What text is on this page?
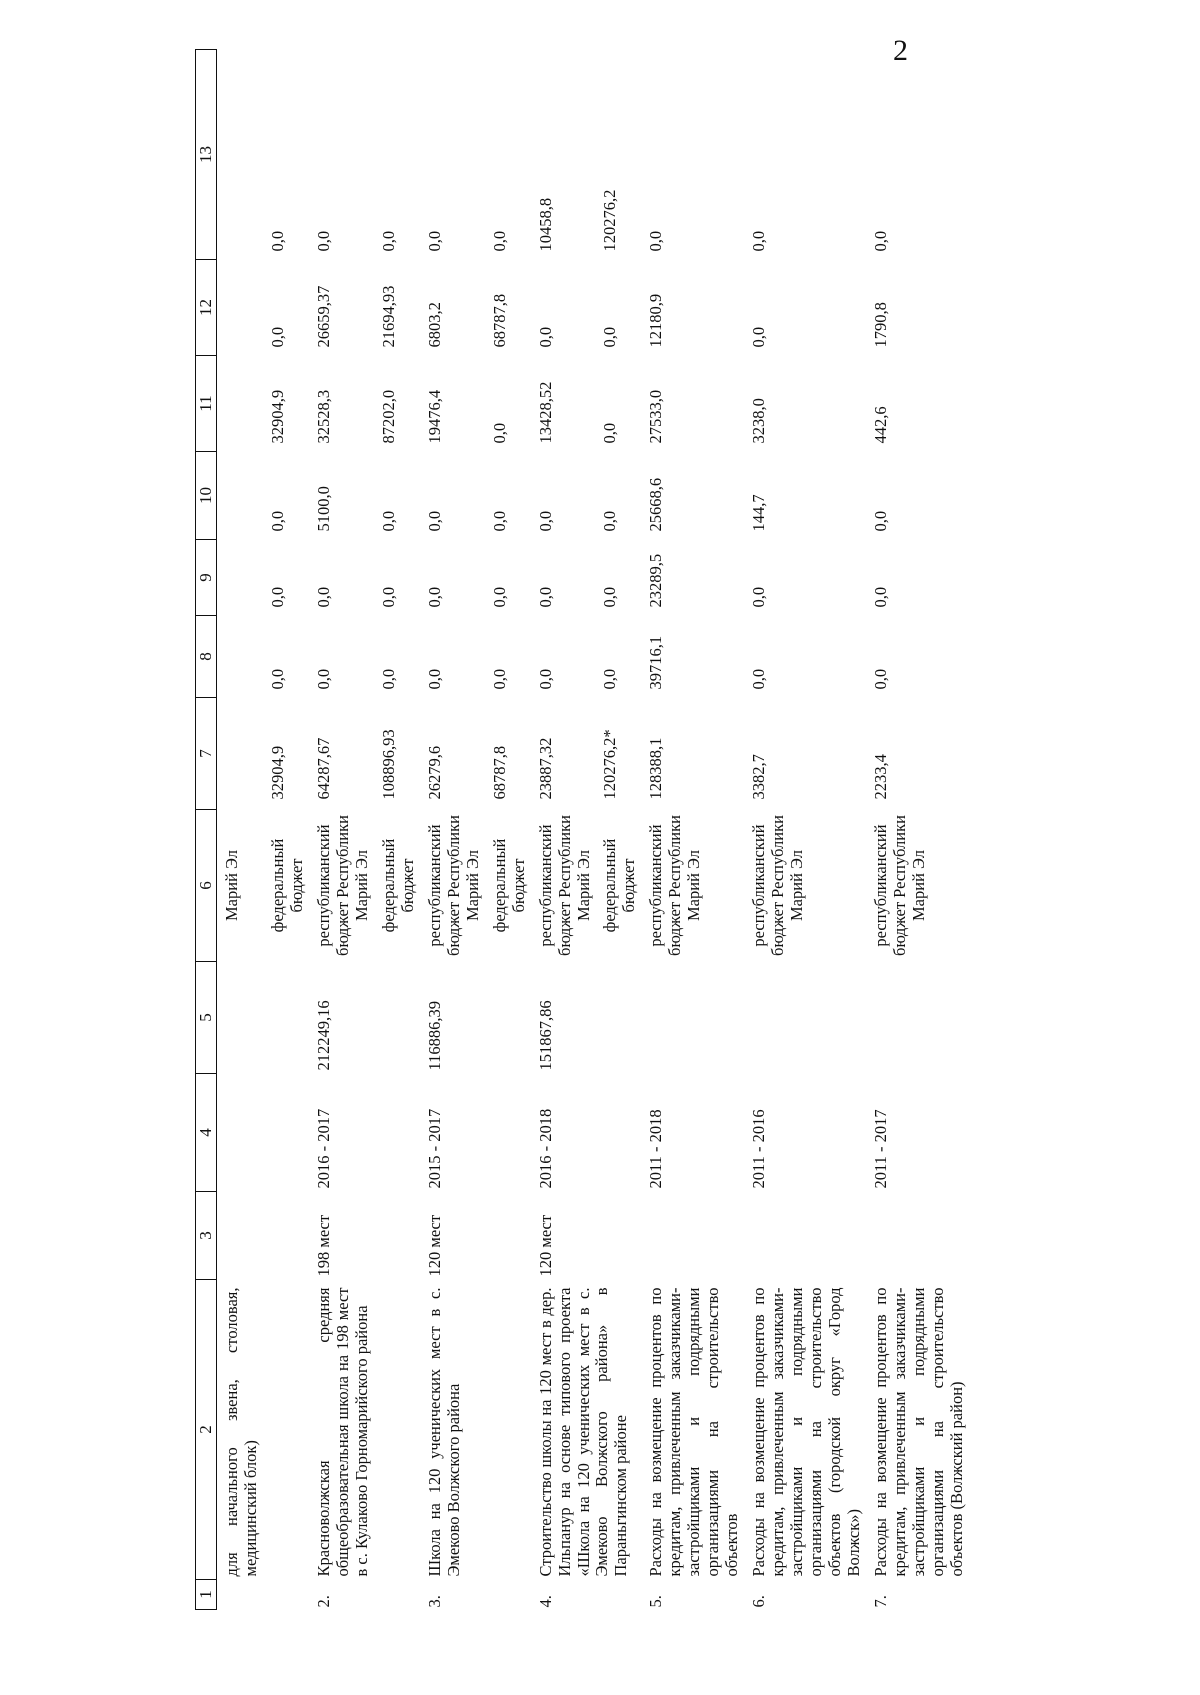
2
1	2	3	4	5	6	7	8	9	10	11	12	13
	для начального звена, столовая, медицинский блок)				Марий Эл							
					федеральный бюджет	32904,9	0,0	0,0	0,0	32904,9	0,0	0,0
2.	Красноволжская средняя общеобразовательная школа на 198 мест в с. Кулаково Горномарийского района	198 мест	2016 - 2017	212249,16	республиканский бюджет Республики Марий Эл	64287,67	0,0	0,0	5100,0	32528,3	26659,37	0,0
					федеральный бюджет	108896,93	0,0	0,0	0,0	87202,0	21694,93	0,0
3.	Школа на 120 ученических мест в с. Эмеково Волжского района	120 мест	2015 - 2017	116886,39	республиканский бюджет Республики Марий Эл	26279,6	0,0	0,0	0,0	19476,4	6803,2	0,0
					федеральный бюджет	68787,8	0,0	0,0	0,0	0,0	68787,8	0,0
4.	Строительство школы на 120 мест в дер. Ильпанур на основе типового проекта «Школа на 120 ученических мест в с. Эмеково Волжского района» в Параньгинском районе	120 мест	2016 - 2018	151867,86	республиканский бюджет Республики Марий Эл	23887,32	0,0	0,0	0,0	13428,52	0,0	10458,8
					федеральный бюджет	120276,2*	0,0	0,0	0,0	0,0	0,0	120276,2
5.	Расходы на возмещение процентов по кредитам, привлеченным заказчиками-застройщиками и подрядными организациями на строительство объектов		2011 - 2018		республиканский бюджет Республики Марий Эл	128388,1	39716,1	23289,5	25668,6	27533,0	12180,9	0,0
6.	Расходы на возмещение процентов по кредитам, привлеченным заказчиками-застройщиками и подрядными организациями на строительство объектов (городской округ «Город Волжск»)		2011 - 2016		республиканский бюджет Республики Марий Эл	3382,7	0,0	0,0	144,7	3238,0	0,0	0,0
7.	Расходы на возмещение процентов по кредитам, привлеченным заказчиками-застройщиками и подрядными организациями на строительство объектов (Волжский район)		2011 - 2017		республиканский бюджет Республики Марий Эл	2233,4	0,0	0,0	0,0	442,6	1790,8	0,0
